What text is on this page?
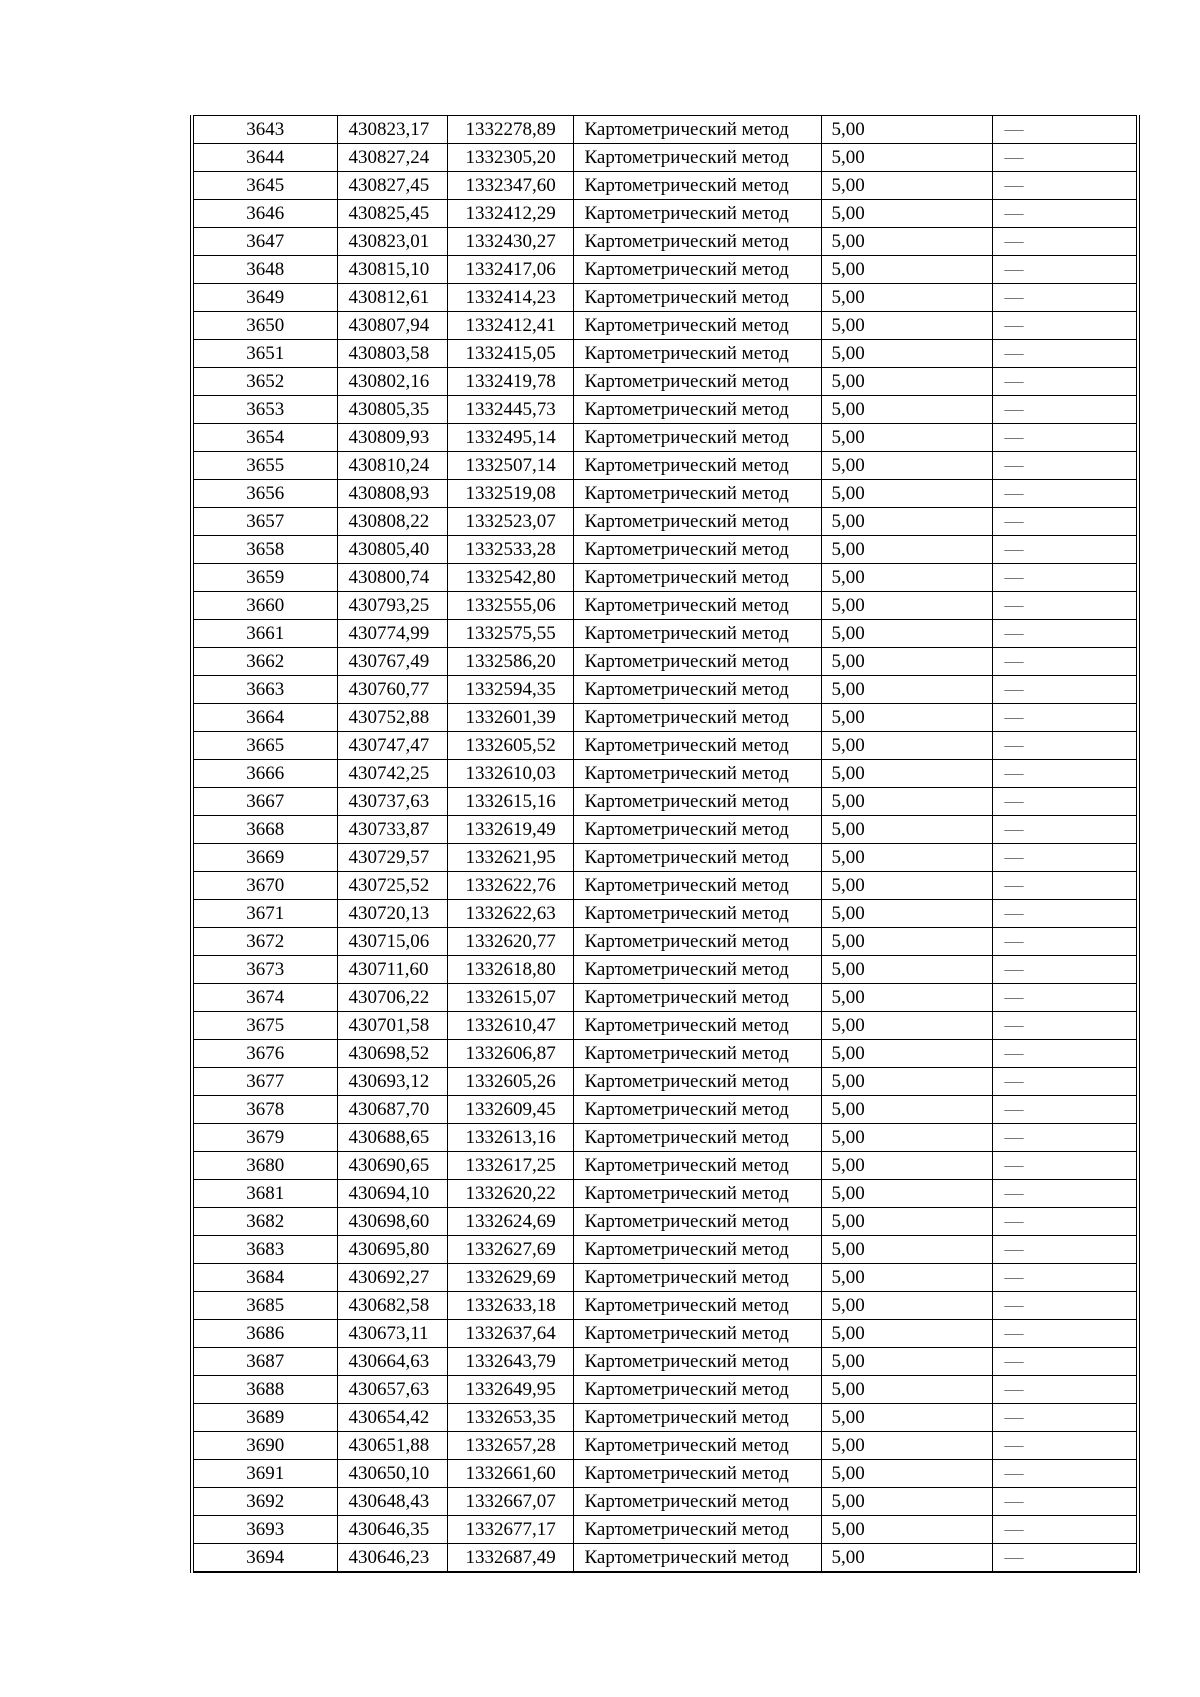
3643	430823,17	1332278,89	Картометрический метод	5,00	—
3644	430827,24	1332305,20	Картометрический метод	5,00	—
3645	430827,45	1332347,60	Картометрический метод	5,00	—
3646	430825,45	1332412,29	Картометрический метод	5,00	—
3647	430823,01	1332430,27	Картометрический метод	5,00	—
3648	430815,10	1332417,06	Картометрический метод	5,00	—
3649	430812,61	1332414,23	Картометрический метод	5,00	—
3650	430807,94	1332412,41	Картометрический метод	5,00	—
3651	430803,58	1332415,05	Картометрический метод	5,00	—
3652	430802,16	1332419,78	Картометрический метод	5,00	—
3653	430805,35	1332445,73	Картометрический метод	5,00	—
3654	430809,93	1332495,14	Картометрический метод	5,00	—
3655	430810,24	1332507,14	Картометрический метод	5,00	—
3656	430808,93	1332519,08	Картометрический метод	5,00	—
3657	430808,22	1332523,07	Картометрический метод	5,00	—
3658	430805,40	1332533,28	Картометрический метод	5,00	—
3659	430800,74	1332542,80	Картометрический метод	5,00	—
3660	430793,25	1332555,06	Картометрический метод	5,00	—
3661	430774,99	1332575,55	Картометрический метод	5,00	—
3662	430767,49	1332586,20	Картометрический метод	5,00	—
3663	430760,77	1332594,35	Картометрический метод	5,00	—
3664	430752,88	1332601,39	Картометрический метод	5,00	—
3665	430747,47	1332605,52	Картометрический метод	5,00	—
3666	430742,25	1332610,03	Картометрический метод	5,00	—
3667	430737,63	1332615,16	Картометрический метод	5,00	—
3668	430733,87	1332619,49	Картометрический метод	5,00	—
3669	430729,57	1332621,95	Картометрический метод	5,00	—
3670	430725,52	1332622,76	Картометрический метод	5,00	—
3671	430720,13	1332622,63	Картометрический метод	5,00	—
3672	430715,06	1332620,77	Картометрический метод	5,00	—
3673	430711,60	1332618,80	Картометрический метод	5,00	—
3674	430706,22	1332615,07	Картометрический метод	5,00	—
3675	430701,58	1332610,47	Картометрический метод	5,00	—
3676	430698,52	1332606,87	Картометрический метод	5,00	—
3677	430693,12	1332605,26	Картометрический метод	5,00	—
3678	430687,70	1332609,45	Картометрический метод	5,00	—
3679	430688,65	1332613,16	Картометрический метод	5,00	—
3680	430690,65	1332617,25	Картометрический метод	5,00	—
3681	430694,10	1332620,22	Картометрический метод	5,00	—
3682	430698,60	1332624,69	Картометрический метод	5,00	—
3683	430695,80	1332627,69	Картометрический метод	5,00	—
3684	430692,27	1332629,69	Картометрический метод	5,00	—
3685	430682,58	1332633,18	Картометрический метод	5,00	—
3686	430673,11	1332637,64	Картометрический метод	5,00	—
3687	430664,63	1332643,79	Картометрический метод	5,00	—
3688	430657,63	1332649,95	Картометрический метод	5,00	—
3689	430654,42	1332653,35	Картометрический метод	5,00	—
3690	430651,88	1332657,28	Картометрический метод	5,00	—
3691	430650,10	1332661,60	Картометрический метод	5,00	—
3692	430648,43	1332667,07	Картометрический метод	5,00	—
3693	430646,35	1332677,17	Картометрический метод	5,00	—
3694	430646,23	1332687,49	Картометрический метод	5,00	—
